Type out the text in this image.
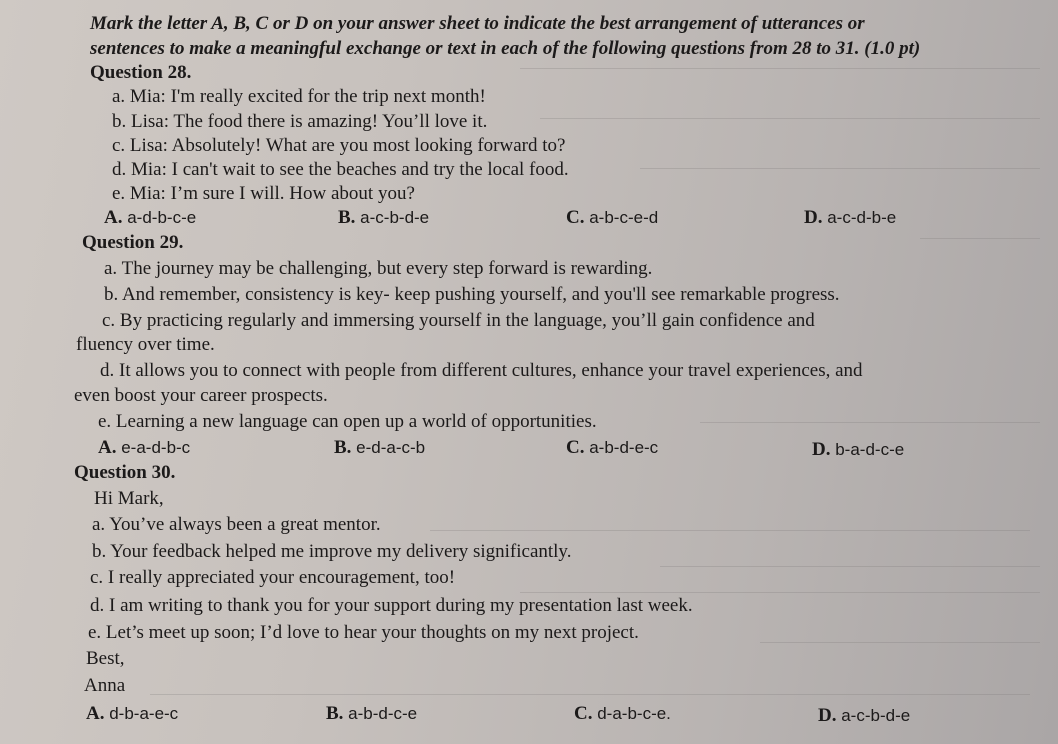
Mark the letter A, B, C or D on your answer sheet to indicate the best arrangement of utterances or
sentences to make a meaningful exchange or text in each of the following questions from 28 to 31. (1.0 pt)
Question 28.
a. Mia: I'm really excited for the trip next month!
b. Lisa: The food there is amazing! You’ll love it.
c. Lisa: Absolutely! What are you most looking forward to?
d. Mia: I can't wait to see the beaches and try the local food.
e. Mia: I’m sure I will. How about you?
A. a-d-b-c-e	B. a-c-b-d-e	C. a-b-c-e-d	D. a-c-d-b-e
Question 29.
a. The journey may be challenging, but every step forward is rewarding.
b. And remember, consistency is key- keep pushing yourself, and you'll see remarkable progress.
c. By practicing regularly and immersing yourself in the language, you’ll gain confidence and
fluency over time.
d. It allows you to connect with people from different cultures, enhance your travel experiences, and
even boost your career prospects.
e. Learning a new language can open up a world of opportunities.
A. e-a-d-b-c	B. e-d-a-c-b	C. a-b-d-e-c	D. b-a-d-c-e
Question 30.
Hi Mark,
a. You’ve always been a great mentor.
b. Your feedback helped me improve my delivery significantly.
c. I really appreciated your encouragement, too!
d. I am writing to thank you for your support during my presentation last week.
e. Let’s meet up soon; I’d love to hear your thoughts on my next project.
Best,
Anna
A. d-b-a-e-c	B. a-b-d-c-e	C. d-a-b-c-e.	D. a-c-b-d-e
